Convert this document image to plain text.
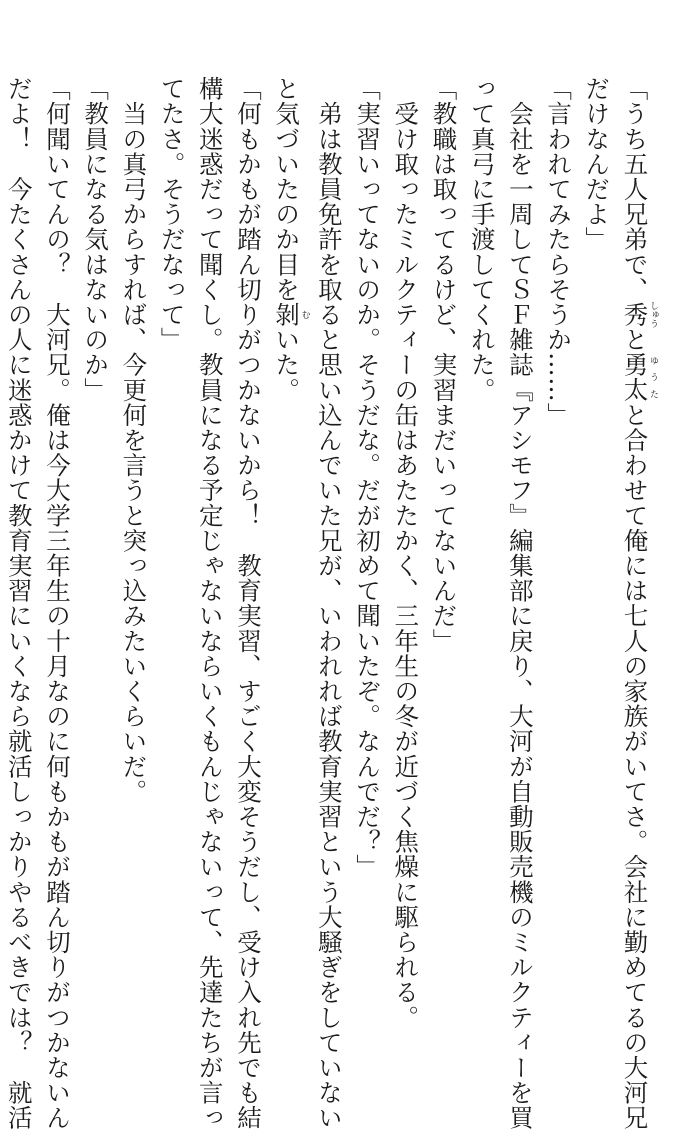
「うち五人兄弟で、秀しゅうと勇太ゆうたと合わせて俺には七人の家族がいてさ。会社に勤めてるの大河兄
だけなんだよ」
「言われてみたらそうか……」
　会社を一周してＳＦ雑誌『アシモフ』編集部に戻り、大河が自動販売機のミルクティーを買
って真弓に手渡してくれた。
「教職は取ってるけど、実習まだいってないんだ」
　受け取ったミルクティーの缶はあたたかく、三年生の冬が近づく焦燥に駆られる。
「実習いってないのか。そうだな。だが初めて聞いたぞ。なんでだ？」
　弟は教員免許を取ると思い込んでいた兄が、いわれれば教育実習という大騒ぎをしていない
と気づいたのか目を剝むいた。
「何もかもが踏ん切りがつかないから！　教育実習、すごく大変そうだし、受け入れ先でも結
構大迷惑だって聞くし。教員になる予定じゃないならいくもんじゃないって、先達たちが言っ
てたさ。そうだなって」
　当の真弓からすれば、今更何を言うと突っ込みたいくらいだ。
「教員になる気はないのか」
「何聞いてんの？　大河兄。俺は今大学三年生の十月なのに何もかもが踏ん切りがつかないん
だよ！　今たくさんの人に迷惑かけて教育実習にいくなら就活しっかりやるべきでは？　就活
